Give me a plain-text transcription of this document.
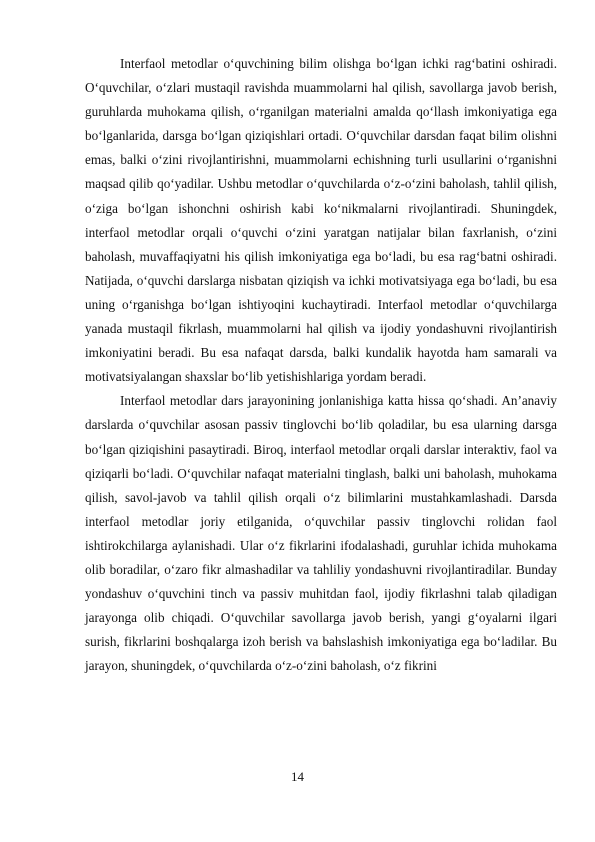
Interfaol metodlar o‘quvchining bilim olishga bo‘lgan ichki rag‘batini oshiradi. O‘quvchilar, o‘zlari mustaqil ravishda muammolarni hal qilish, savollarga javob berish, guruhlarda muhokama qilish, o‘rganilgan materialni amalda qo‘llash imkoniyatiga ega bo‘lganlarida, darsga bo‘lgan qiziqishlari ortadi. O‘quvchilar darsdan faqat bilim olishni emas, balki o‘zini rivojlantirishni, muammolarni echishning turli usullarini o‘rganishni maqsad qilib qo‘yadilar. Ushbu metodlar o‘quvchilarda o‘z-o‘zini baholash, tahlil qilish, o‘ziga bo‘lgan ishonchni oshirish kabi ko‘nikmalarni rivojlantiradi. Shuningdek, interfaol metodlar orqali o‘quvchi o‘zini yaratgan natijalar bilan faxrlanish, o‘zini baholash, muvaffaqiyatni his qilish imkoniyatiga ega bo‘ladi, bu esa rag‘batni oshiradi. Natijada, o‘quvchi darslarga nisbatan qiziqish va ichki motivatsiyaga ega bo‘ladi, bu esa uning o‘rganishga bo‘lgan ishtiyoqini kuchaytiradi. Interfaol metodlar o‘quvchilarga yanada mustaqil fikrlash, muammolarni hal qilish va ijodiy yondashuvni rivojlantirish imkoniyatini beradi. Bu esa nafaqat darsda, balki kundalik hayotda ham samarali va motivatsiyalangan shaxslar bo‘lib yetishishlariga yordam beradi.

Interfaol metodlar dars jarayonining jonlanishiga katta hissa qo‘shadi. An’anaviy darslarda o‘quvchilar asosan passiv tinglovchi bo‘lib qoladilar, bu esa ularning darsga bo‘lgan qiziqishini pasaytiradi. Biroq, interfaol metodlar orqali darslar interaktiv, faol va qiziqarli bo‘ladi. O‘quvchilar nafaqat materialni tinglash, balki uni baholash, muhokama qilish, savol-javob va tahlil qilish orqali o‘z bilimlarini mustahkamlashadi. Darsda interfaol metodlar joriy etilganida, o‘quvchilar passiv tinglovchi rolidan faol ishtirokchilarga aylanishadi. Ular o‘z fikrlarini ifodalashadi, guruhlar ichida muhokama olib boradilar, o‘zaro fikr almashadilar va tahliliy yondashuvni rivojlantiradilar. Bunday yondashuv o‘quvchini tinch va passiv muhitdan faol, ijodiy fikrlashni talab qiladigan jarayonga olib chiqadi. O‘quvchilar savollarga javob berish, yangi g‘oyalarni ilgari surish, fikrlarini boshqalarga izoh berish va bahslashish imkoniyatiga ega bo‘ladilar. Bu jarayon, shuningdek, o‘quvchilarda o‘z-o‘zini baholash, o‘z fikrini

14
